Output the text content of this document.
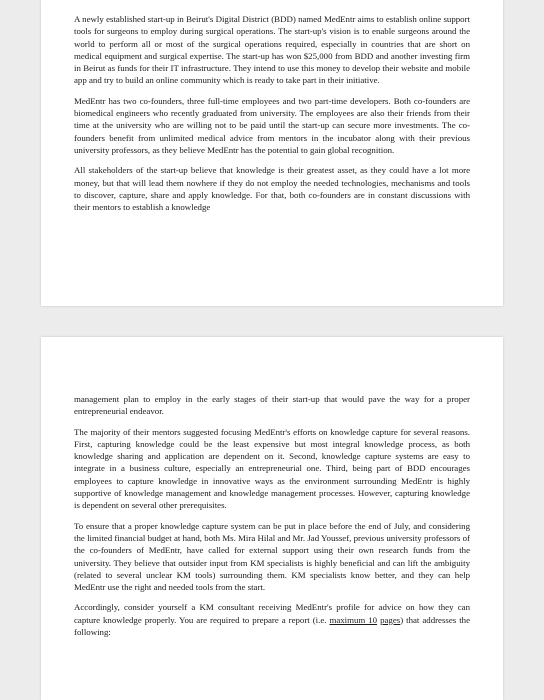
A newly established start-up in Beirut's Digital District (BDD) named MedEntr aims to establish online support tools for surgeons to employ during surgical operations. The start-up's vision is to enable surgeons around the world to perform all or most of the surgical operations required, especially in countries that are short on medical equipment and surgical expertise. The start-up has won $25,000 from BDD and another investing firm in Beirut as funds for their IT infrastructure. They intend to use this money to develop their website and mobile app and try to build an online community which is ready to take part in their initiative.

MedEntr has two co-founders, three full-time employees and two part-time developers. Both co-founders are biomedical engineers who recently graduated from university. The employees are also their friends from their time at the university who are willing not to be paid until the start-up can secure more investments. The co-founders benefit from unlimited medical advice from mentors in the incubator along with their previous university professors, as they believe MedEntr has the potential to gain global recognition.

All stakeholders of the start-up believe that knowledge is their greatest asset, as they could have a lot more money, but that will lead them nowhere if they do not employ the needed technologies, mechanisms and tools to discover, capture, share and apply knowledge. For that, both co-founders are in constant discussions with their mentors to establish a knowledge

management plan to employ in the early stages of their start-up that would pave the way for a proper entrepreneurial endeavor.

The majority of their mentors suggested focusing MedEntr's efforts on knowledge capture for several reasons. First, capturing knowledge could be the least expensive but most integral knowledge process, as both knowledge sharing and application are dependent on it. Second, knowledge capture systems are easy to integrate in a business culture, especially an entrepreneurial one. Third, being part of BDD encourages employees to capture knowledge in innovative ways as the environment surrounding MedEntr is highly supportive of knowledge management and knowledge management processes. However, capturing knowledge is dependent on several other prerequisites.

To ensure that a proper knowledge capture system can be put in place before the end of July, and considering the limited financial budget at hand, both Ms. Mira Hilal and Mr. Jad Youssef, previous university professors of the co-founders of MedEntr, have called for external support using their own research funds from the university. They believe that outsider input from KM specialists is highly beneficial and can lift the ambiguity (related to several unclear KM tools) surrounding them. KM specialists know better, and they can help MedEntr use the right and needed tools from the start.

Accordingly, consider yourself a KM consultant receiving MedEntr's profile for advice on how they can capture knowledge properly. You are required to prepare a report (i.e. maximum 10 pages) that addresses the following:
